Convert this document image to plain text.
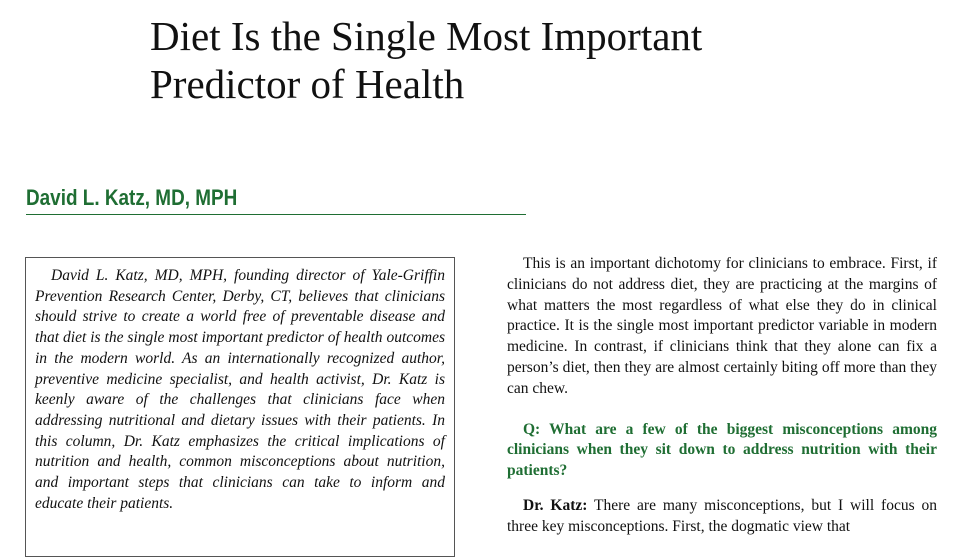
Diet Is the Single Most Important
Predictor of Health
David L. Katz, MD, MPH

David L. Katz, MD, MPH, founding director of Yale-Griffin Prevention Research Center, Derby, CT, believes that clinicians should strive to create a world free of preventable disease and that diet is the single most important predictor of health outcomes in the modern world. As an internationally recognized author, preventive medicine specialist, and health activist, Dr. Katz is keenly aware of the challenges that clinicians face when addressing nutritional and dietary issues with their patients. In this column, Dr. Katz emphasizes the critical implications of nutrition and health, common misconceptions about nutrition, and important steps that clinicians can take to inform and educate their patients.

This is an important dichotomy for clinicians to embrace. First, if clinicians do not address diet, they are practicing at the margins of what matters the most regardless of what else they do in clinical practice. It is the single most important predictor variable in modern medicine. In contrast, if clinicians think that they alone can fix a person’s diet, then they are almost certainly biting off more than they can chew.

Q: What are a few of the biggest misconceptions among clinicians when they sit down to address nutrition with their patients?

Dr. Katz: There are many misconceptions, but I will focus on three key misconceptions. First, the dogmatic view that
